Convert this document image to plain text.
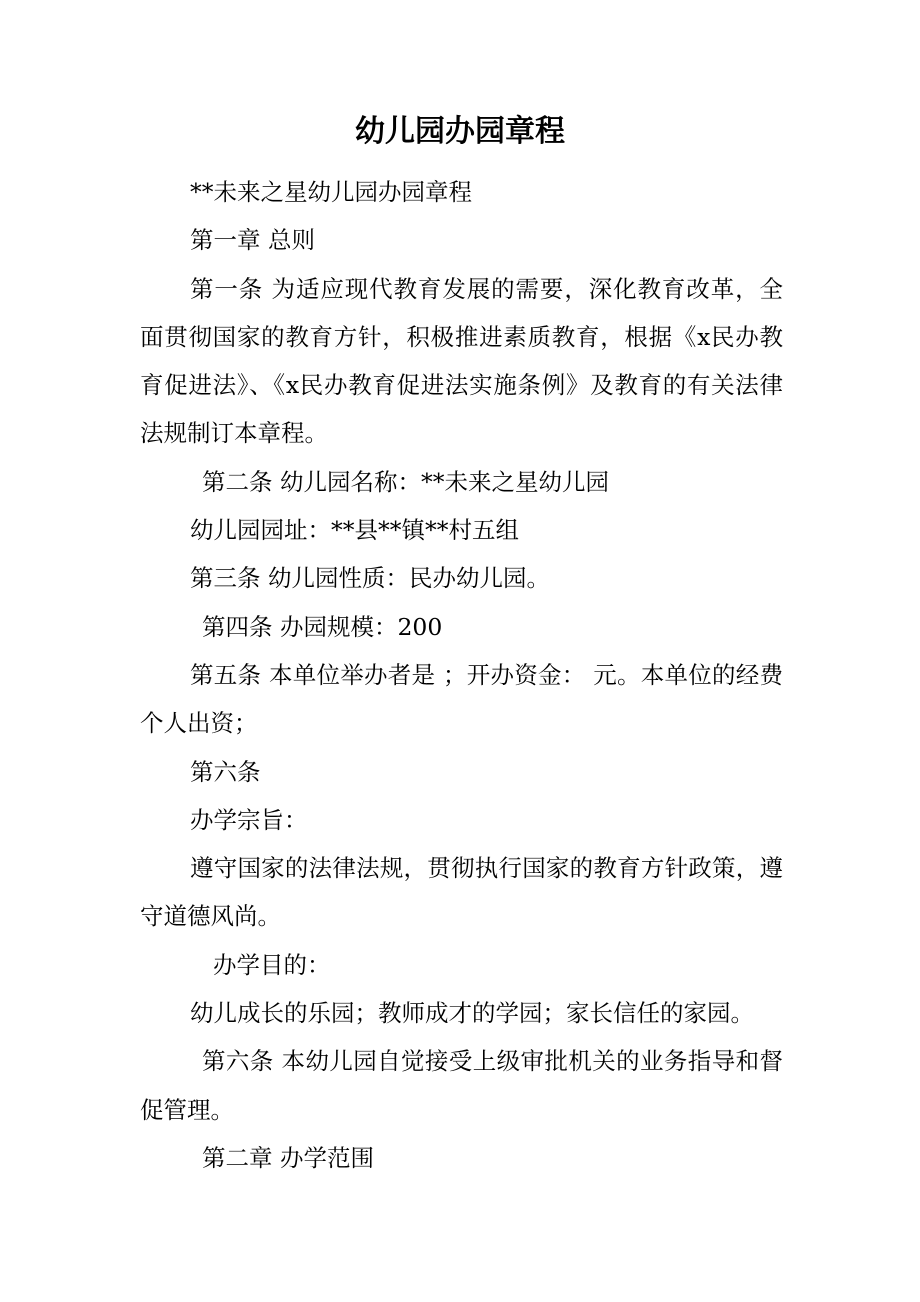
幼儿园办园章程

**未来之星幼儿园办园章程

第一章 总则

第一条 为适应现代教育发展的需要，深化教育改革，全面贯彻国家的教育方针，积极推进素质教育，根据《x民办教育促进法》、《x民办教育促进法实施条例》及教育的有关法律法规制订本章程。

第二条 幼儿园名称：**未来之星幼儿园

幼儿园园址：**县**镇**村五组

第三条 幼儿园性质：民办幼儿园。

第四条 办园规模：200

第五条 本单位举办者是 ；开办资金： 元。本单位的经费个人出资；

第六条

办学宗旨：

遵守国家的法律法规，贯彻执行国家的教育方针政策，遵守道德风尚。

办学目的：

幼儿成长的乐园；教师成才的学园；家长信任的家园。

第六条 本幼儿园自觉接受上级审批机关的业务指导和督促管理。

第二章 办学范围
